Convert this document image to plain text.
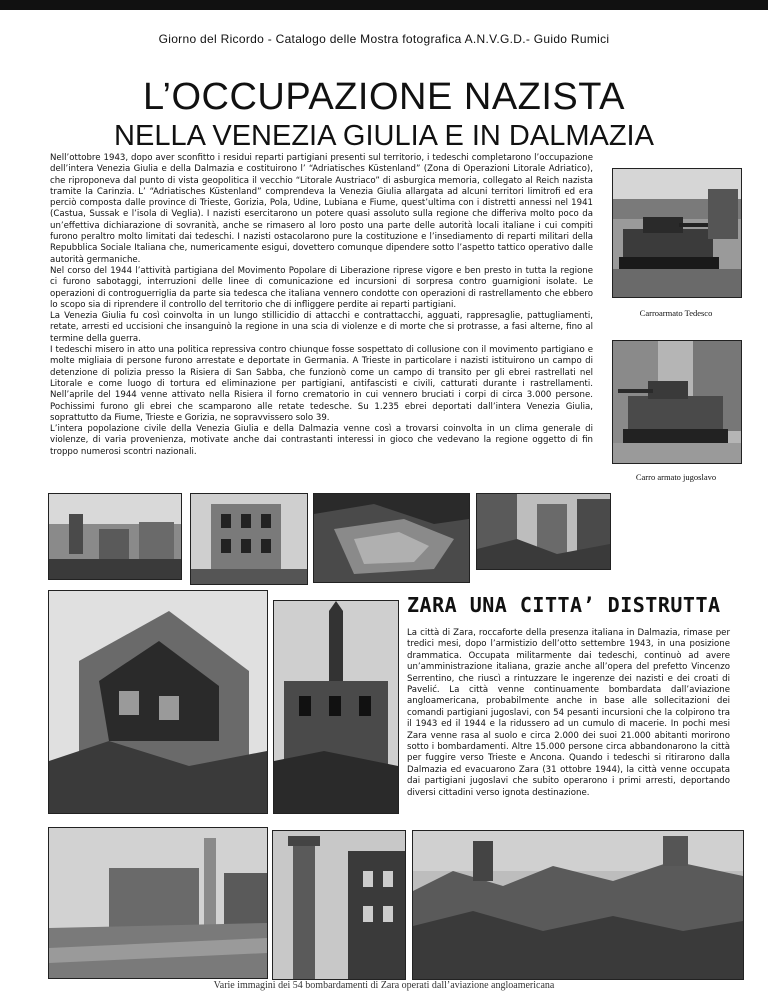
Giorno del Ricordo - Catalogo delle Mostra fotografica A.N.V.G.D.- Guido Rumici
L’OCCUPAZIONE NAZISTA
NELLA VENEZIA GIULIA E IN DALMAZIA

Nell’ottobre 1943, dopo aver sconfitto i residui reparti partigiani presenti sul territorio, i tedeschi completarono l’occupazione dell’intera Venezia Giulia e della Dalmazia e costituirono l’ “Adriatisches Küstenland” (Zona di Operazioni Litorale Adriatico), che riproponeva dal punto di vista geopolitica il vecchio “Litorale Austriaco” di asburgica memoria, collegato al Reich nazista tramite la Carinzia. L’ “Adriatisches Küstenland” comprendeva la Venezia Giulia allargata ad alcuni territori limitrofi ed era perciò composta dalle province di Trieste, Gorizia, Pola, Udine, Lubiana e Fiume, quest’ultima con i distretti annessi nel 1941 (Castua, Sussak e l’isola di Veglia). I nazisti esercitarono un potere quasi assoluto sulla regione che differiva molto poco da un’effettiva dichiarazione di sovranità, anche se rimasero al loro posto una parte delle autorità locali italiane i cui compiti furono peraltro molto limitati dai tedeschi. I nazisti ostacolarono pure la costituzione e l’insediamento di reparti militari della Repubblica Sociale Italiana che, numericamente esigui, dovettero comunque dipendere sotto l’aspetto tattico operativo dalle autorità germaniche.

Nel corso del 1944 l’attività partigiana del Movimento Popolare di Liberazione riprese vigore e ben presto in tutta la regione ci furono sabotaggi, interruzioni delle linee di comunicazione ed incursioni di sorpresa contro guarnigioni isolate. Le operazioni di controguerriglia da parte sia tedesca che italiana vennero condotte con operazioni di rastrellamento che ebbero lo scopo sia di riprendere il controllo del territorio che di infliggere perdite ai reparti partigiani.

La Venezia Giulia fu così coinvolta in un lungo stillicidio di attacchi e contrattacchi, agguati, rappresaglie, pattugliamenti, retate, arresti ed uccisioni che insanguinò la regione in una scia di violenze e di morte che si protrasse, a fasi alterne, fino al termine della guerra.

I tedeschi misero in atto una politica repressiva contro chiunque fosse sospettato di collusione con il movimento partigiano e molte migliaia di persone furono arrestate e deportate in Germania. A Trieste in particolare i nazisti istituirono un campo di detenzione di polizia presso la Risiera di San Sabba, che funzionò come un campo di transito per gli ebrei rastrellati nel Litorale e come luogo di tortura ed eliminazione per partigiani, antifascisti e civili, catturati durante i rastrellamenti. Nell’aprile del 1944 venne attivato nella Risiera il forno crematorio in cui vennero bruciati i corpi di circa 3.000 persone. Pochissimi furono gli ebrei che scamparono alle retate tedesche. Su 1.235 ebrei deportati dall’intera Venezia Giulia, soprattutto da Fiume, Trieste e Gorizia, ne sopravvissero solo 39.

L’intera popolazione civile della Venezia Giulia e della Dalmazia venne così a trovarsi coinvolta in un clima generale di violenze, di varia provenienza, motivate anche dai contrastanti interessi in gioco che vedevano la regione oggetto di fin troppo numerosi scontri nazionali.

Carroarmato Tedesco
Carro armato jugoslavo
ZARA UNA CITTA’ DISTRUTTA

La città di Zara, roccaforte della presenza italiana in Dalmazia, rimase per tredici mesi, dopo l’armistizio dell’otto settembre 1943, in una posizione drammatica. Occupata militarmente dai tedeschi, continuò ad avere un’amministrazione italiana, grazie anche all’opera del prefetto Vincenzo Serrentino, che riuscì a rintuzzare le ingerenze dei nazisti e dei croati di Pavelić. La città venne continuamente bombardata dall’aviazione angloamericana, probabilmente anche in base alle sollecitazioni dei comandi partigiani jugoslavi, con 54 pesanti incursioni che la colpirono tra il 1943 ed il 1944 e la ridussero ad un cumulo di macerie. In pochi mesi Zara venne rasa al suolo e circa 2.000 dei suoi 21.000 abitanti morirono sotto i bombardamenti. Altre 15.000 persone circa abbandonarono la città per fuggire verso Trieste e Ancona. Quando i tedeschi si ritirarono dalla Dalmazia ed evacuarono Zara (31 ottobre 1944), la città venne occupata dai partigiani jugoslavi che subito operarono i primi arresti, deportando diversi cittadini verso ignota destinazione.

Varie immagini dei 54 bombardamenti di Zara operati dall’aviazione angloamericana
